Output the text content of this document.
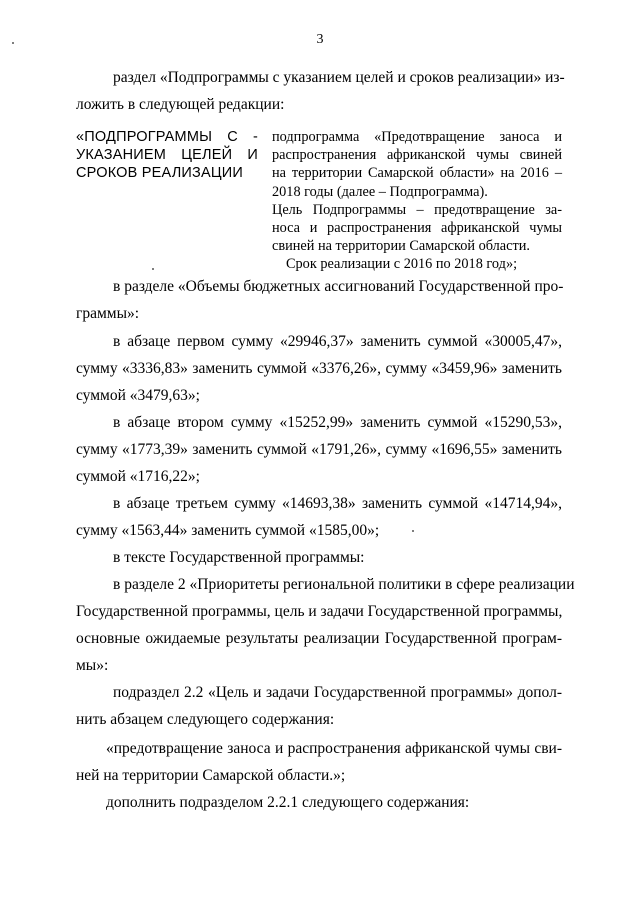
3
раздел «Подпрограммы с указанием целей и сроков реализации» из-
ложить в следующей редакции:
«ПОДПРОГРАММЫ С -
УКАЗАНИЕМ ЦЕЛЕЙ И
СРОКОВ РЕАЛИЗАЦИИ
подпрограмма «Предотвращение заноса и
распространения африканской чумы свиней
на территории Самарской области» на 2016 –
2018 годы (далее – Подпрограмма).
Цель Подпрограммы – предотвращение за-
носа и распространения африканской чумы
свиней на территории Самарской области.
Срок реализации с 2016 по 2018 год»;
в разделе «Объемы бюджетных ассигнований Государственной про-
граммы»:
в абзаце первом сумму «29946,37» заменить суммой «30005,47»,
сумму «3336,83» заменить суммой «3376,26», сумму «3459,96» заменить
суммой «3479,63»;
в абзаце втором сумму «15252,99» заменить суммой «15290,53»,
сумму «1773,39» заменить суммой «1791,26», сумму «1696,55» заменить
суммой «1716,22»;
в абзаце третьем сумму «14693,38» заменить суммой «14714,94»,
сумму «1563,44» заменить суммой «1585,00»;
в тексте Государственной программы:
в разделе 2 «Приоритеты региональной политики в сфере реализации
Государственной программы, цель и задачи Государственной программы,
основные ожидаемые результаты реализации Государственной програм-
мы»:
подраздел 2.2 «Цель и задачи Государственной программы» допол-
нить абзацем следующего содержания:
«предотвращение заноса и распространения африканской чумы сви-
ней на территории Самарской области.»;
дополнить подразделом 2.2.1 следующего содержания:
